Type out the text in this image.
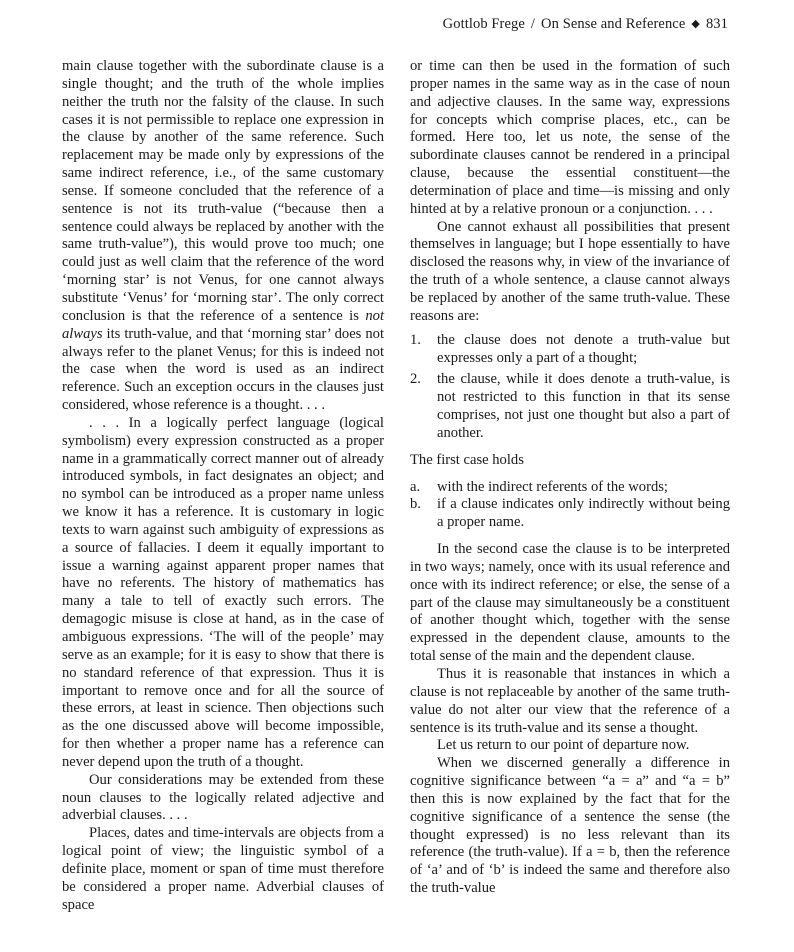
Gottlob Frege / On Sense and Reference ◆ 831

main clause together with the subordinate clause is a single thought; and the truth of the whole implies neither the truth nor the falsity of the clause. In such cases it is not permissible to replace one expression in the clause by another of the same reference. Such replacement may be made only by expressions of the same indirect reference, i.e., of the same customary sense. If someone concluded that the reference of a sentence is not its truth-value (“because then a sentence could always be replaced by another with the same truth-value”), this would prove too much; one could just as well claim that the reference of the word ‘morning star’ is not Venus, for one cannot always substitute ‘Venus’ for ‘morning star’. The only correct conclusion is that the reference of a sentence is not always its truth-value, and that ‘morning star’ does not always refer to the planet Venus; for this is indeed not the case when the word is used as an indirect reference. Such an exception occurs in the clauses just considered, whose reference is a thought. . . .

. . . In a logically perfect language (logical symbolism) every expression constructed as a proper name in a grammatically correct manner out of already introduced symbols, in fact designates an object; and no symbol can be introduced as a proper name unless we know it has a reference. It is customary in logic texts to warn against such ambiguity of expressions as a source of fallacies. I deem it equally important to issue a warning against apparent proper names that have no referents. The history of mathematics has many a tale to tell of exactly such errors. The demagogic misuse is close at hand, as in the case of ambiguous expressions. ‘The will of the people’ may serve as an example; for it is easy to show that there is no standard reference of that expression. Thus it is important to remove once and for all the source of these errors, at least in science. Then objections such as the one discussed above will become impossible, for then whether a proper name has a reference can never depend upon the truth of a thought.

Our considerations may be extended from these noun clauses to the logically related adjective and adverbial clauses. . . .

Places, dates and time-intervals are objects from a logical point of view; the linguistic symbol of a definite place, moment or span of time must therefore be considered a proper name. Adverbial clauses of space

or time can then be used in the formation of such proper names in the same way as in the case of noun and adjective clauses. In the same way, expressions for concepts which comprise places, etc., can be formed. Here too, let us note, the sense of the subordinate clauses cannot be rendered in a principal clause, because the essential constituent—the determination of place and time—is missing and only hinted at by a relative pronoun or a conjunction. . . .

One cannot exhaust all possibilities that present themselves in language; but I hope essentially to have disclosed the reasons why, in view of the invariance of the truth of a whole sentence, a clause cannot always be replaced by another of the same truth-value. These reasons are:

1.	the clause does not denote a truth-value but expresses only a part of a thought;
2.	the clause, while it does denote a truth-value, is not restricted to this function in that its sense comprises, not just one thought but also a part of another.

The first case holds

a.	with the indirect referents of the words;
b.	if a clause indicates only indirectly without being a proper name.

In the second case the clause is to be interpreted in two ways; namely, once with its usual reference and once with its indirect reference; or else, the sense of a part of the clause may simultaneously be a constituent of another thought which, together with the sense expressed in the dependent clause, amounts to the total sense of the main and the dependent clause.

Thus it is reasonable that instances in which a clause is not replaceable by another of the same truth-value do not alter our view that the reference of a sentence is its truth-value and its sense a thought.

Let us return to our point of departure now.

When we discerned generally a difference in cognitive significance between “a = a” and “a = b” then this is now explained by the fact that for the cognitive significance of a sentence the sense (the thought expressed) is no less relevant than its reference (the truth-value). If a = b, then the reference of ‘a’ and of ‘b’ is indeed the same and therefore also the truth-value
